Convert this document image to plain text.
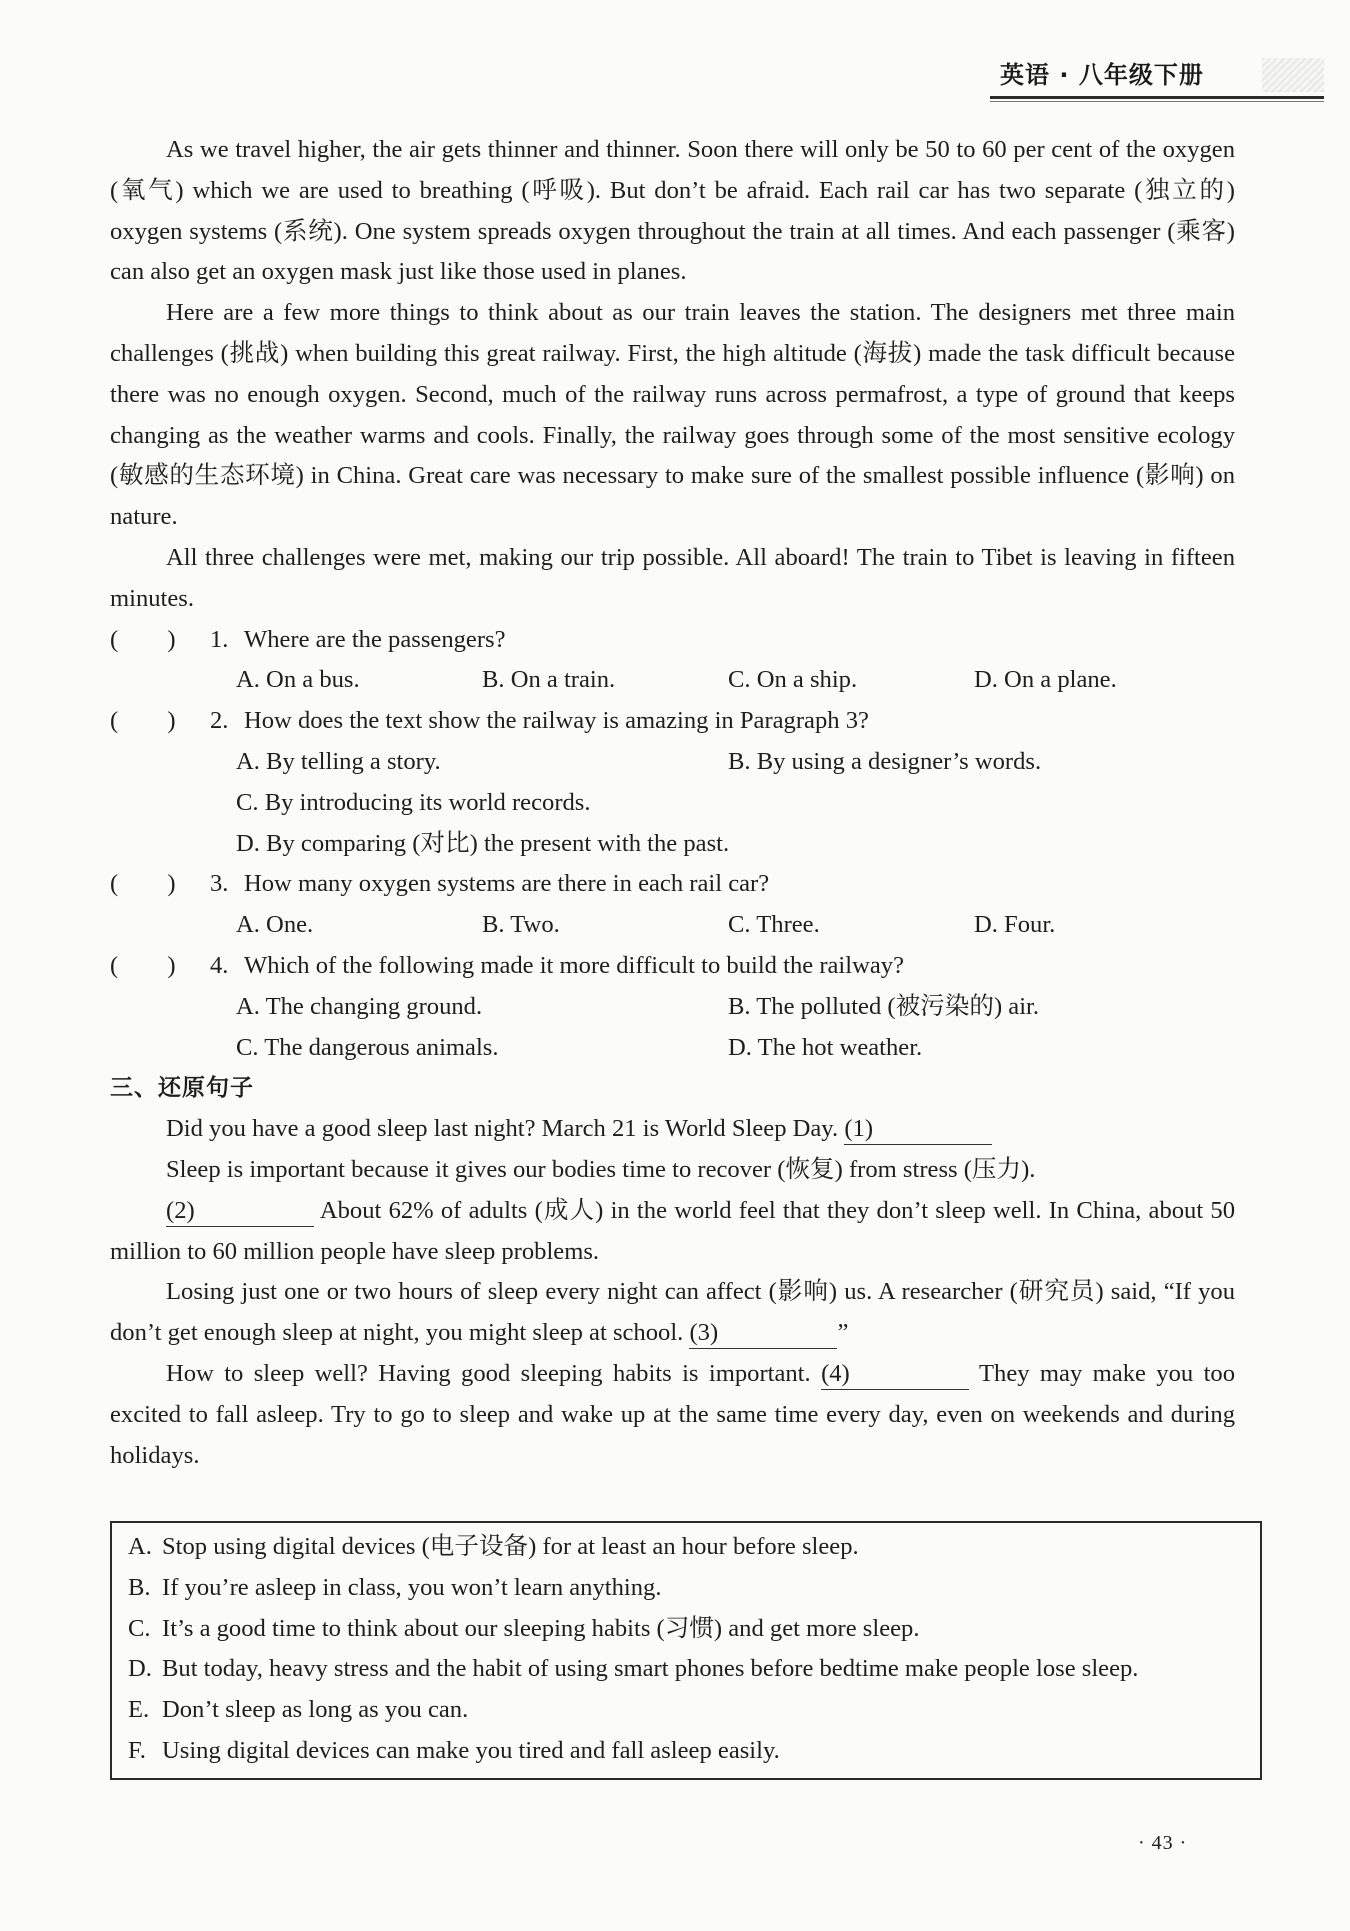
英语 · 八年级下册

As we travel higher, the air gets thinner and thinner. Soon there will only be 50 to 60 per cent of the oxygen (氧气) which we are used to breathing (呼吸). But don’t be afraid. Each rail car has two separate (独立的) oxygen systems (系统). One system spreads oxygen throughout the train at all times. And each passenger (乘客) can also get an oxygen mask just like those used in planes.

Here are a few more things to think about as our train leaves the station. The designers met three main challenges (挑战) when building this great railway. First, the high altitude (海拔) made the task difficult because there was no enough oxygen. Second, much of the railway runs across permafrost, a type of ground that keeps changing as the weather warms and cools. Finally, the railway goes through some of the most sensitive ecology (敏感的生态环境) in China. Great care was necessary to make sure of the smallest possible influence (影响) on nature.

All three challenges were met, making our trip possible. All aboard! The train to Tibet is leaving in fifteen minutes.

(        )	1. Where are the passengers?
A. On a bus.	B. On a train.	C. On a ship.	D. On a plane.
(        )	2. How does the text show the railway is amazing in Paragraph 3?
A. By telling a story.	B. By using a designer’s words.
C. By introducing its world records.
D. By comparing (对比) the present with the past.
(        )	3. How many oxygen systems are there in each rail car?
A. One.	B. Two.	C. Three.	D. Four.
(        )	4. Which of the following made it more difficult to build the railway?
A. The changing ground.	B. The polluted (被污染的) air.
C. The dangerous animals.	D. The hot weather.
三、还原句子

Did you have a good sleep last night? March 21 is World Sleep Day. (1)

Sleep is important because it gives our bodies time to recover (恢复) from stress (压力).

(2)	About 62% of adults (成人) in the world feel that they don’t sleep well. In China, about 50 million to 60 million people have sleep problems.

Losing just one or two hours of sleep every night can affect (影响) us. A researcher (研究员) said, “If you don’t get enough sleep at night, you might sleep at school. (3)	”

How to sleep well? Having good sleeping habits is important. (4)	They may make you too excited to fall asleep. Try to go to sleep and wake up at the same time every day, even on weekends and during holidays.

A. Stop using digital devices (电子设备) for at least an hour before sleep.
B. If you’re asleep in class, you won’t learn anything.
C. It’s a good time to think about our sleeping habits (习惯) and get more sleep.
D. But today, heavy stress and the habit of using smart phones before bedtime make people lose sleep.
E. Don’t sleep as long as you can.
F. Using digital devices can make you tired and fall asleep easily.
· 43 ·
